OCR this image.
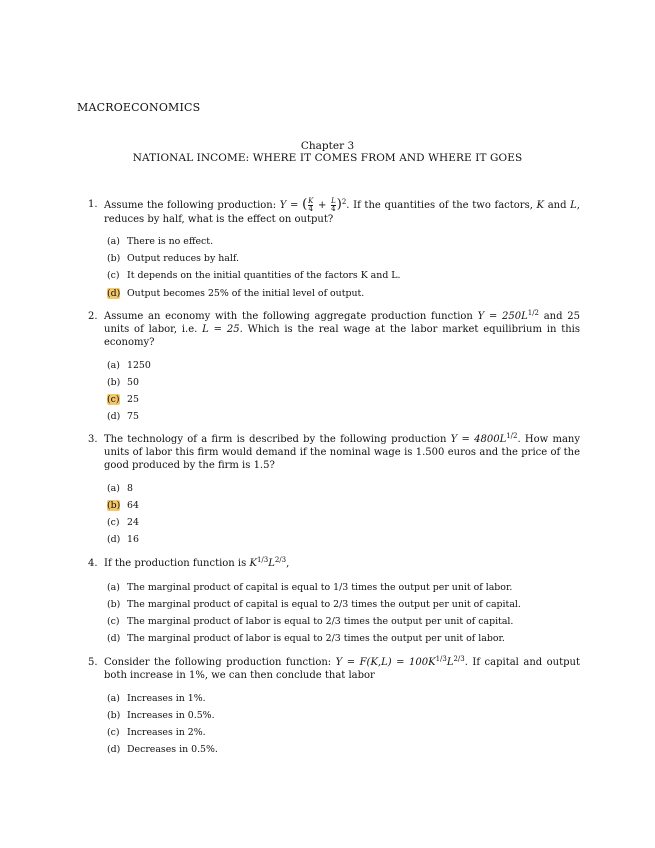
MACROECONOMICS
Chapter 3
NATIONAL INCOME: WHERE IT COMES FROM AND WHERE IT GOES
1. Assume the following production: Y = ( $\frac{K}{4} + \frac{L}{4} )^2$. If the quantities of the two factors, K and L, reduces by half, what is the effect on output?
(a) There is no effect.
(b) Output reduces by half.
(c) It depends on the initial quantities of the factors K and L.
(d) Output becomes 25% of the initial level of output.
2. Assume an economy with the following aggregate production function $Y = 250L^{1/2}$ and 25 units of labor, i.e. L = 25. Which is the real wage at the labor market equilibrium in this economy?
(a) 1250
(b) 50
(c) 25
(d) 75
3. The technology of a firm is described by the following production $Y = 4800L^{1/2}$. How many units of labor this firm would demand if the nominal wage is 1.500 euros and the price of the good produced by the firm is 1.5?
(a) 8
(b) 64
(c) 24
(d) 16
4. If the production function is $K^{1/3}L^{2/3}$,
(a) The marginal product of capital is equal to 1/3 times the output per unit of labor.
(b) The marginal product of capital is equal to 2/3 times the output per unit of capital.
(c) The marginal product of labor is equal to 2/3 times the output per unit of capital.
(d) The marginal product of labor is equal to 2/3 times the output per unit of labor.
5. Consider the following production function: $Y = F(K,L) = 100K^{1/3}L^{2/3}$. If capital and output both increase in 1%, we can then conclude that labor
(a) Increases in 1%.
(b) Increases in 0.5%.
(c) Increases in 2%.
(d) Decreases in 0.5%.
